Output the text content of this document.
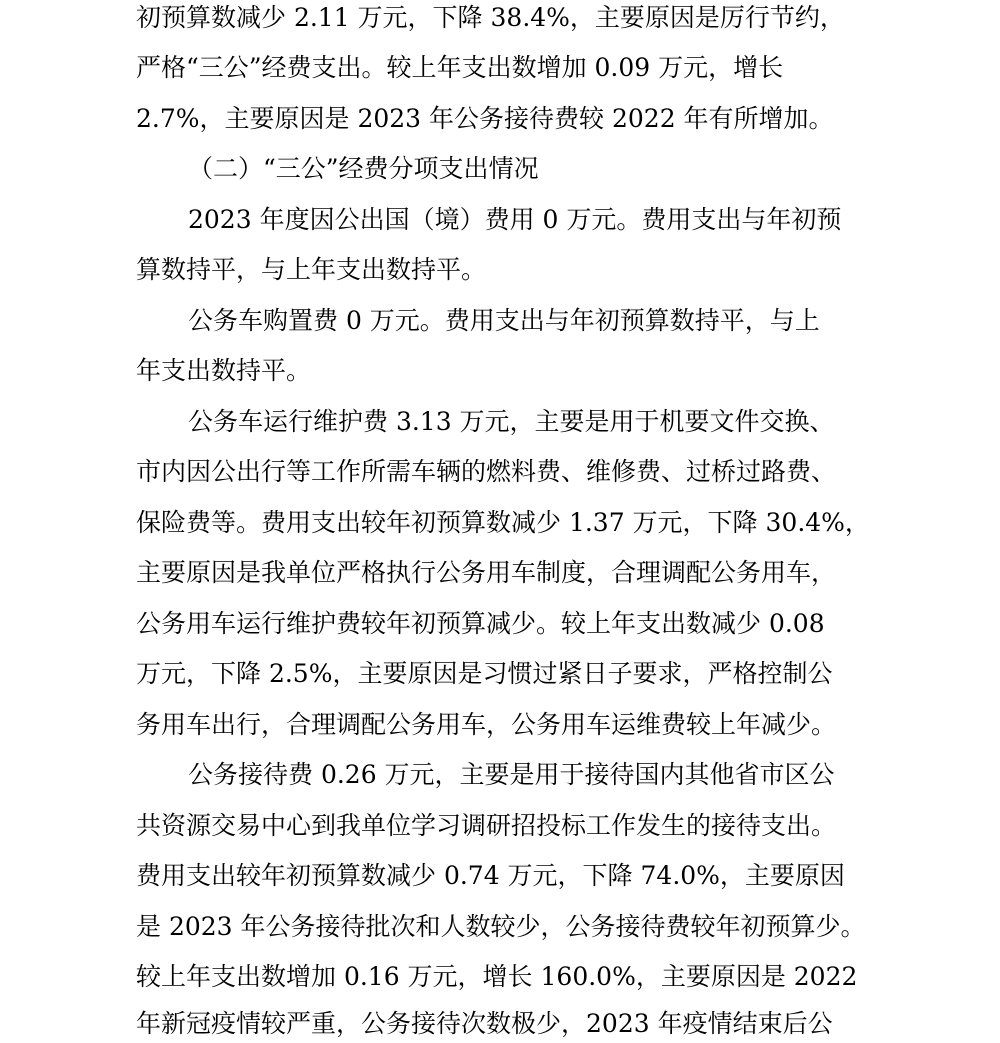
初预算数减少 2.11 万元，下降 38.4%，主要原因是厉行节约，
严格“三公”经费支出。较上年支出数增加 0.09 万元，增长
2.7%，主要原因是 2023 年公务接待费较 2022 年有所增加。
（二）“三公”经费分项支出情况
2023 年度因公出国（境）费用 0 万元。费用支出与年初预
算数持平，与上年支出数持平。
公务车购置费 0 万元。费用支出与年初预算数持平，与上
年支出数持平。
公务车运行维护费 3.13 万元，主要是用于机要文件交换、
市内因公出行等工作所需车辆的燃料费、维修费、过桥过路费、
保险费等。费用支出较年初预算数减少 1.37 万元，下降 30.4%，
主要原因是我单位严格执行公务用车制度，合理调配公务用车，
公务用车运行维护费较年初预算减少。较上年支出数减少 0.08
万元，下降 2.5%，主要原因是习惯过紧日子要求，严格控制公
务用车出行，合理调配公务用车，公务用车运维费较上年减少。
公务接待费 0.26 万元，主要是用于接待国内其他省市区公
共资源交易中心到我单位学习调研招投标工作发生的接待支出。
费用支出较年初预算数减少 0.74 万元，下降 74.0%，主要原因
是 2023 年公务接待批次和人数较少，公务接待费较年初预算少。
较上年支出数增加 0.16 万元，增长 160.0%，主要原因是 2022
年新冠疫情较严重，公务接待次数极少，2023 年疫情结束后公
